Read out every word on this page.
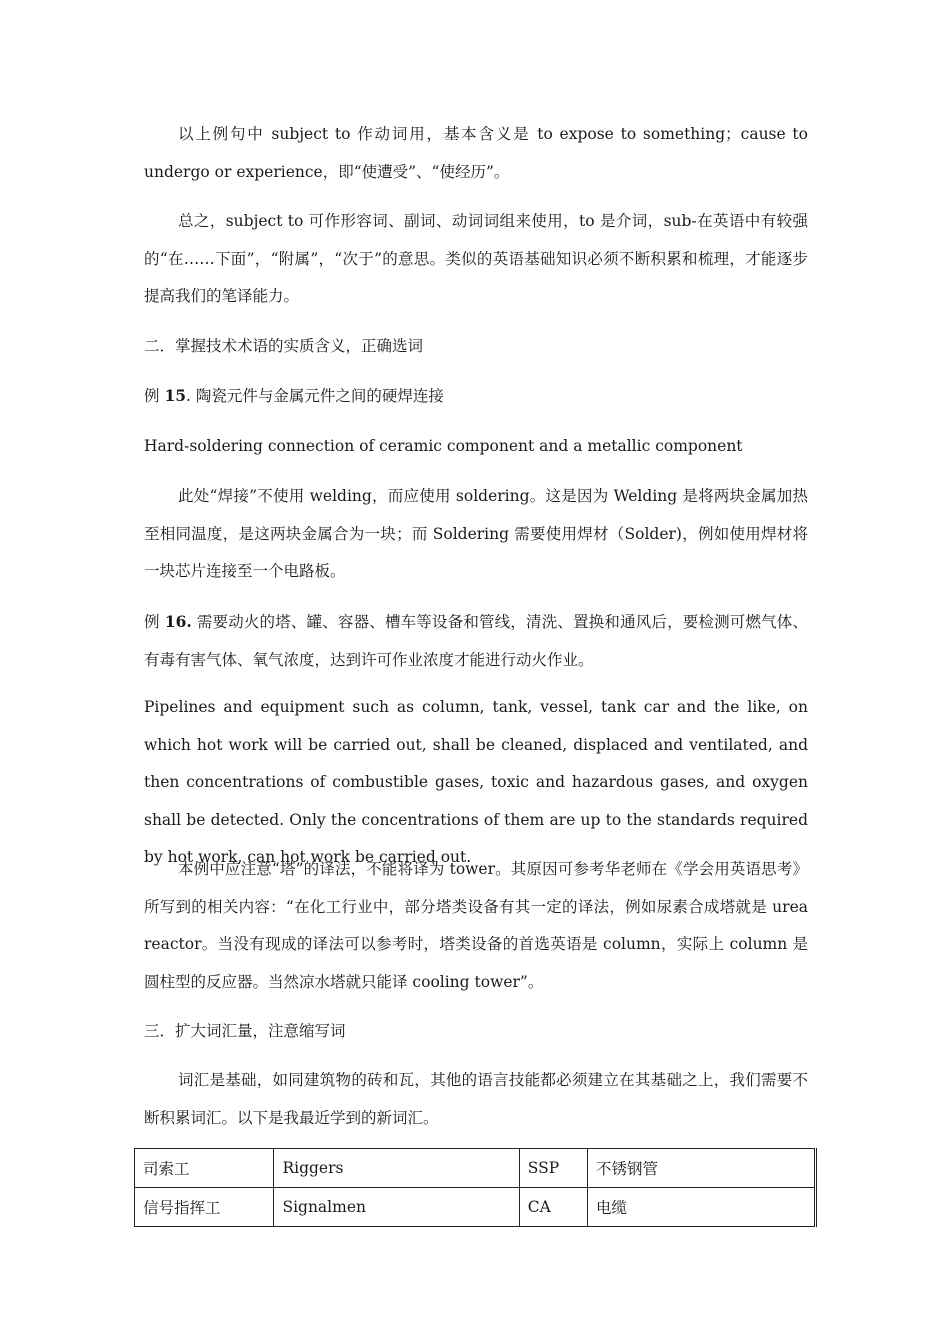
以上例句中 subject to 作动词用，基本含义是 to expose to something；cause to undergo or experience，即“使遭受”、“使经历”。

总之，subject to 可作形容词、副词、动词词组来使用，to 是介词，sub-在英语中有较强的“在……下面”，“附属”，“次于”的意思。类似的英语基础知识必须不断积累和梳理，才能逐步提高我们的笔译能力。

二．掌握技术术语的实质含义，正确选词

例 15. 陶瓷元件与金属元件之间的硬焊连接

Hard-soldering connection of ceramic component and a metallic component

此处“焊接”不使用 welding，而应使用 soldering。这是因为 Welding 是将两块金属加热至相同温度，是这两块金属合为一块；而 Soldering 需要使用焊材（Solder)，例如使用焊材将一块芯片连接至一个电路板。

例 16. 需要动火的塔、罐、容器、槽车等设备和管线，清洗、置换和通风后，要检测可燃气体、有毒有害气体、氧气浓度，达到许可作业浓度才能进行动火作业。

Pipelines and equipment such as column, tank, vessel, tank car and the like, on which hot work will be carried out, shall be cleaned, displaced and ventilated, and then concentrations of combustible gases, toxic and hazardous gases, and oxygen shall be detected. Only the concentrations of them are up to the standards required by hot work, can hot work be carried out.

本例中应注意“塔”的译法，不能将译为 tower。其原因可参考华老师在《学会用英语思考》所写到的相关内容：“在化工行业中，部分塔类设备有其一定的译法，例如尿素合成塔就是 urea reactor。当没有现成的译法可以参考时，塔类设备的首选英语是 column，实际上 column 是圆柱型的反应器。当然凉水塔就只能译 cooling tower”。

三．扩大词汇量，注意缩写词

词汇是基础，如同建筑物的砖和瓦，其他的语言技能都必须建立在其基础之上，我们需要不断积累词汇。以下是我最近学到的新词汇。

司索工	Riggers	SSP	不锈钢管
信号指挥工	Signalmen	CA	电缆
